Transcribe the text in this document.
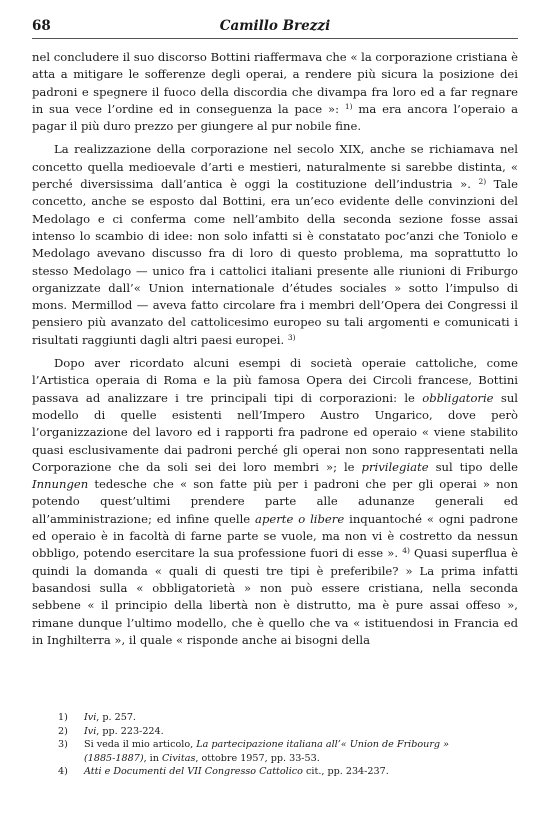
68	Camillo Brezzi

nel concludere il suo discorso Bottini riaffermava che « la corporazione cristiana è atta a mitigare le sofferenze degli operai, a rendere più sicura la posizione dei padroni e spegnere il fuoco della discordia che divampa fra loro ed a far regnare in sua vece l’ordine ed in conseguenza la pace »: $^{1)}$ ma era ancora l’operaio a pagar il più duro prezzo per giungere al pur nobile fine.

La realizzazione della corporazione nel secolo XIX, anche se richiamava nel concetto quella medioevale d’arti e mestieri, naturalmente si sarebbe distinta, « perché diversissima dall’antica è oggi la costituzione dell’industria ». $^{2)}$ Tale concetto, anche se esposto dal Bottini, era un’eco evidente delle convinzioni del Medolago e ci conferma come nell’ambito della seconda sezione fosse assai intenso lo scambio di idee: non solo infatti si è constatato poc’anzi che Toniolo e Medolago avevano discusso fra di loro di questo problema, ma soprattutto lo stesso Medolago — unico fra i cattolici italiani presente alle riunioni di Friburgo organizzate dall’« Union internationale d’études sociales » sotto l’impulso di mons. Mermillod — aveva fatto circolare fra i membri dell’Opera dei Congressi il pensiero più avanzato del cattolicesimo europeo su tali argomenti e comunicati i risultati raggiunti dagli altri paesi europei. $^{3)}$

Dopo aver ricordato alcuni esempi di società operaie cattoliche, come l’Artistica operaia di Roma e la più famosa Opera dei Circoli francese, Bottini passava ad analizzare i tre principali tipi di corporazioni: le obbligatorie sul modello di quelle esistenti nell’Impero Austro Ungarico, dove però l’organizzazione del lavoro ed i rapporti fra padrone ed operaio « viene stabilito quasi esclusivamente dai padroni perché gli operai non sono rappresentati nella Corporazione che da soli sei dei loro membri »; le privilegiate sul tipo delle Innungen tedesche che « son fatte più per i padroni che per gli operai » non potendo quest’ultimi prendere parte alle adunanze generali ed all’amministrazione; ed infine quelle aperte o libere inquantoché « ogni padrone ed operaio è in facoltà di farne parte se vuole, ma non vi è costretto da nessun obbligo, potendo esercitare la sua professione fuori di esse ». $^{4)}$ Quasi superflua è quindi la domanda « quali di questi tre tipi è preferibile? » La prima infatti basandosi sulla « obbligatorietà » non può essere cristiana, nella seconda sebbene « il principio della libertà non è distrutto, ma è pure assai offeso », rimane dunque l’ultimo modello, che è quello che va « istituendosi in Francia ed in Inghilterra », il quale « risponde anche ai bisogni della

1)	Ivi, p. 257.
2)	Ivi, pp. 223-224.
3)	Si veda il mio articolo, La partecipazione italiana all’« Union de Fribourg »
(1885-1887), in Civitas, ottobre 1957, pp. 33-53.
4)	Atti e Documenti del VII Congresso Cattolico cit., pp. 234-237.
